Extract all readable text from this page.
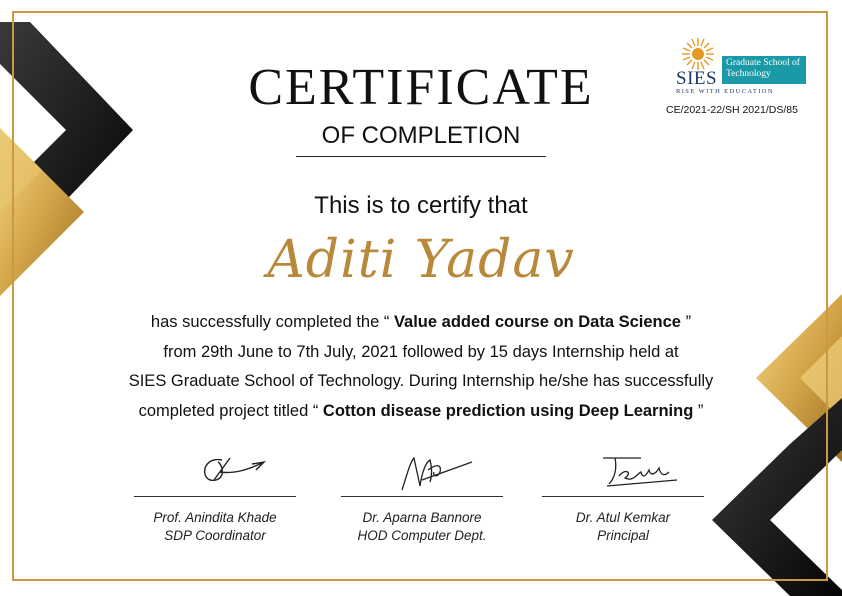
SIES
Graduate School of Technology
RISE WITH EDUCATION
CE/2021-22/SH 2021/DS/85
CERTIFICATE
OF COMPLETION
This is to certify that
Aditi Yadav
has successfully completed the “ Value added course on Data Science ”
from 29th June to 7th July, 2021 followed by 15 days Internship held at
SIES Graduate School of Technology. During Internship he/she has successfully
completed project titled “ Cotton disease prediction using Deep Learning ”
Prof. Anindita Khade
SDP Coordinator
Dr. Aparna Bannore
HOD Computer Dept.
Dr. Atul Kemkar
Principal
